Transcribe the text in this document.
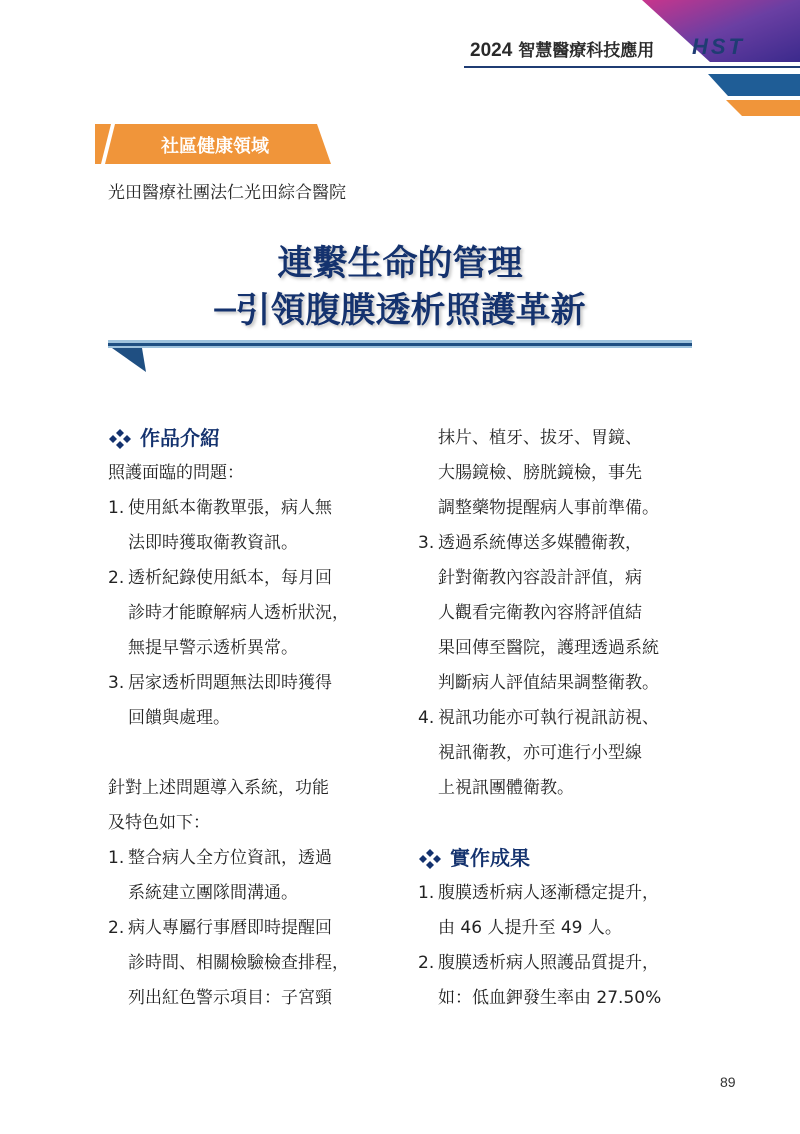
2024 智慧醫療科技應用 HST
社區健康領域
光田醫療社團法仁光田綜合醫院
連繫生命的管理
─引領腹膜透析照護革新
作品介紹
照護面臨的問題：
1. 使用紙本衛教單張，病人無
法即時獲取衛教資訊。
2. 透析紀錄使用紙本，每月回
診時才能瞭解病人透析狀況，
無提早警示透析異常。
3. 居家透析問題無法即時獲得
回饋與處理。
針對上述問題導入系統，功能
及特色如下：
1. 整合病人全方位資訊，透過
系統建立團隊間溝通。
2. 病人專屬行事曆即時提醒回
診時間、相關檢驗檢查排程，
列出紅色警示項目：子宮頸
抹片、植牙、拔牙、胃鏡、
大腸鏡檢、膀胱鏡檢，事先
調整藥物提醒病人事前準備。
3. 透過系統傳送多媒體衛教，
針對衛教內容設計評值，病
人觀看完衛教內容將評值結
果回傳至醫院，護理透過系統
判斷病人評值結果調整衛教。
4. 視訊功能亦可執行視訊訪視、
視訊衛教，亦可進行小型線
上視訊團體衛教。
實作成果
1. 腹膜透析病人逐漸穩定提升，
由 46 人提升至 49 人。
2. 腹膜透析病人照護品質提升，
如：低血鉀發生率由 27.50%
89
